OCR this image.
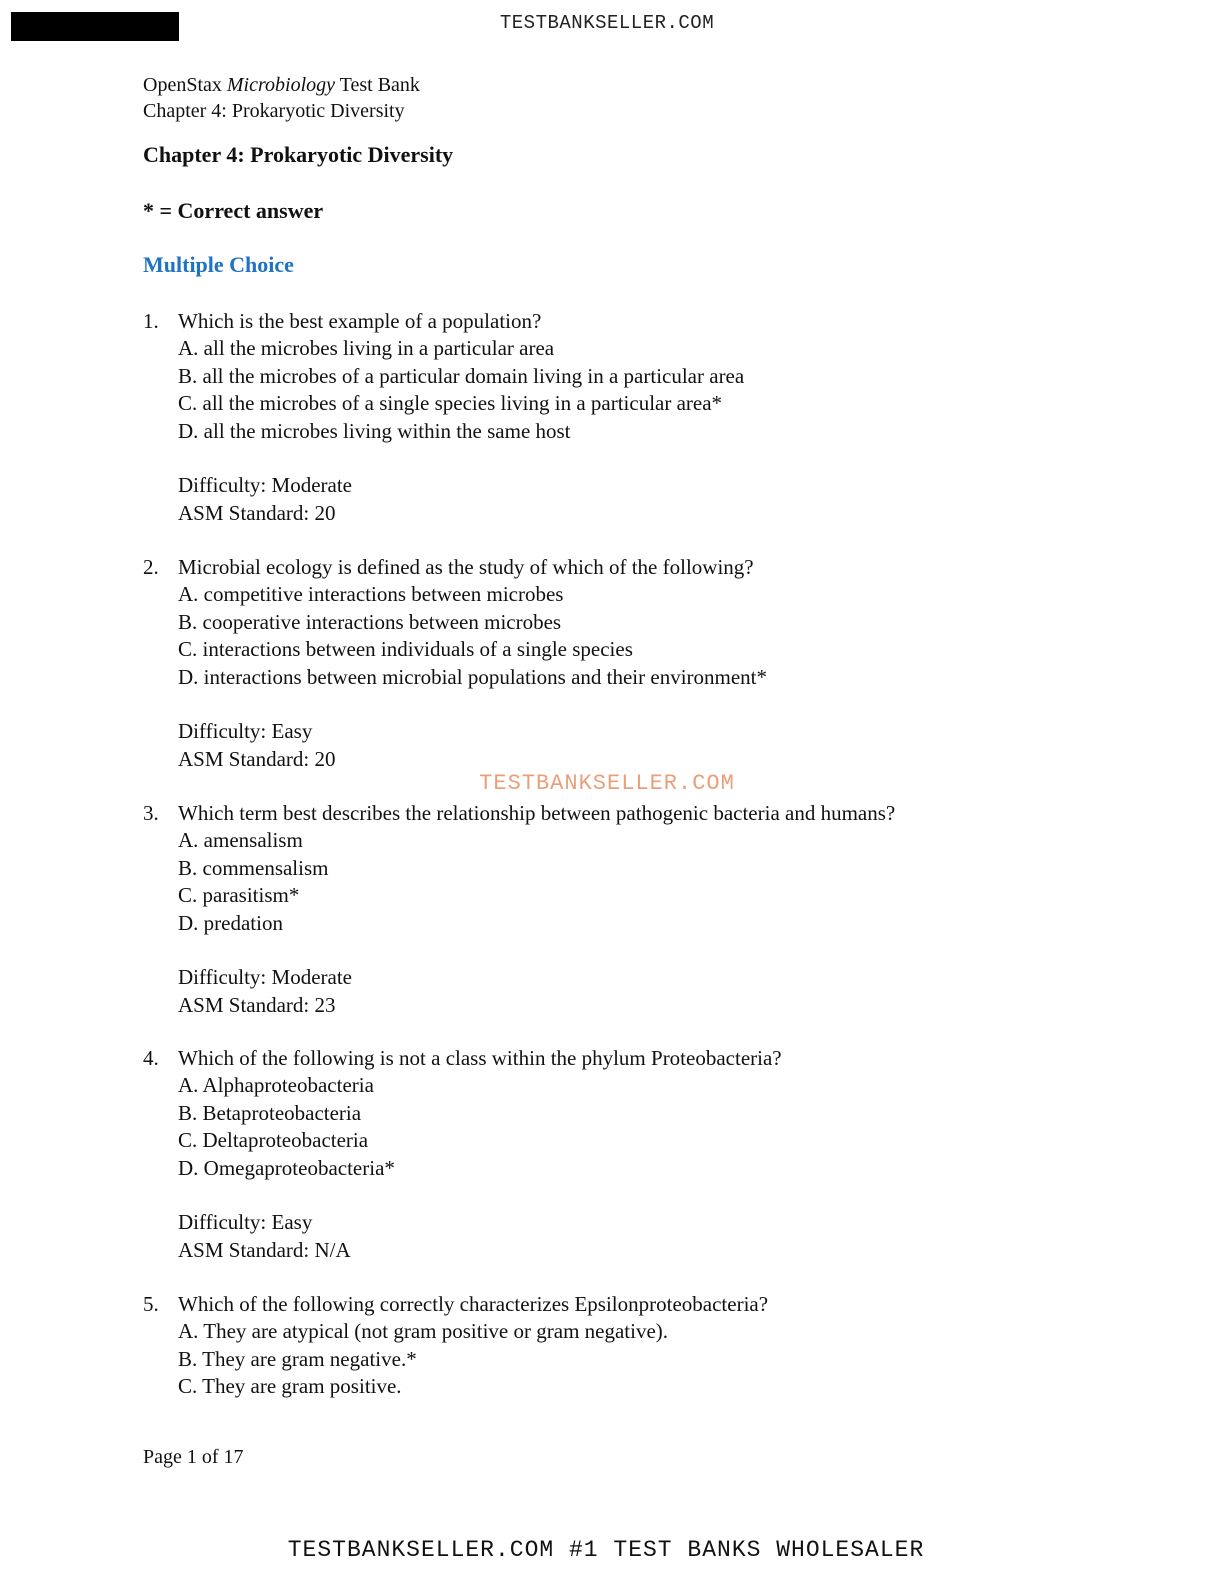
TESTBANKSELLER.COM
OpenStax Microbiology Test Bank
Chapter 4: Prokaryotic Diversity
Chapter 4: Prokaryotic Diversity
* = Correct answer
Multiple Choice
1. Which is the best example of a population?
A. all the microbes living in a particular area
B. all the microbes of a particular domain living in a particular area
C. all the microbes of a single species living in a particular area*
D. all the microbes living within the same host
Difficulty: Moderate
ASM Standard: 20
2. Microbial ecology is defined as the study of which of the following?
A. competitive interactions between microbes
B. cooperative interactions between microbes
C. interactions between individuals of a single species
D. interactions between microbial populations and their environment*
Difficulty: Easy
ASM Standard: 20
TESTBANKSELLER.COM
3. Which term best describes the relationship between pathogenic bacteria and humans?
A. amensalism
B. commensalism
C. parasitism*
D. predation
Difficulty: Moderate
ASM Standard: 23
4. Which of the following is not a class within the phylum Proteobacteria?
A. Alphaproteobacteria
B. Betaproteobacteria
C. Deltaproteobacteria
D. Omegaproteobacteria*
Difficulty: Easy
ASM Standard: N/A
5. Which of the following correctly characterizes Epsilonproteobacteria?
A. They are atypical (not gram positive or gram negative).
B. They are gram negative.*
C. They are gram positive.
Page 1 of 17
TESTBANKSELLER.COM #1 TEST BANKS WHOLESALER
